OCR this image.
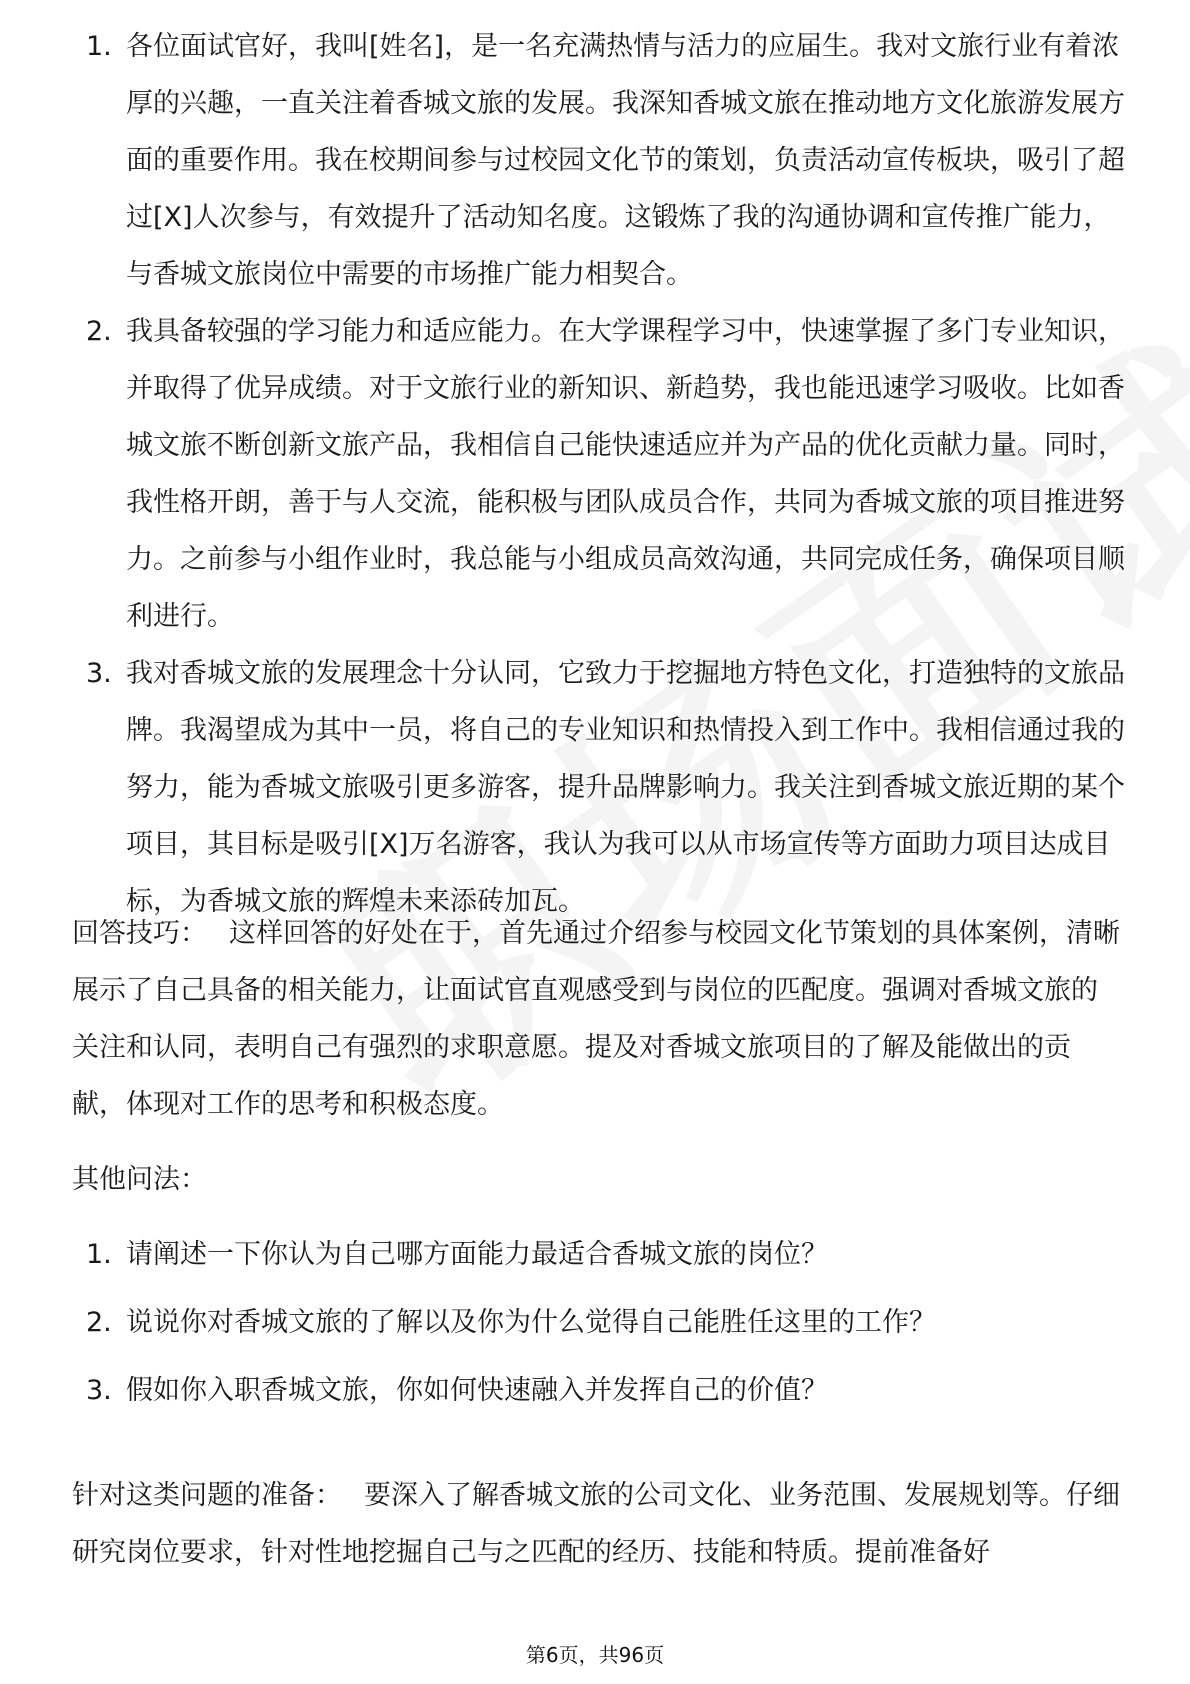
1. 各位面试官好，我叫[姓名]，是一名充满热情与活力的应届生。我对文旅行业有着浓厚的兴趣，一直关注着香城文旅的发展。我深知香城文旅在推动地方文化旅游发展方面的重要作用。我在校期间参与过校园文化节的策划，负责活动宣传板块，吸引了超过[X]人次参与，有效提升了活动知名度。这锻炼了我的沟通协调和宣传推广能力，与香城文旅岗位中需要的市场推广能力相契合。
2. 我具备较强的学习能力和适应能力。在大学课程学习中，快速掌握了多门专业知识，并取得了优异成绩。对于文旅行业的新知识、新趋势，我也能迅速学习吸收。比如香城文旅不断创新文旅产品，我相信自己能快速适应并为产品的优化贡献力量。同时，我性格开朗，善于与人交流，能积极与团队成员合作，共同为香城文旅的项目推进努力。之前参与小组作业时，我总能与小组成员高效沟通，共同完成任务，确保项目顺利进行。
3. 我对香城文旅的发展理念十分认同，它致力于挖掘地方特色文化，打造独特的文旅品牌。我渴望成为其中一员，将自己的专业知识和热情投入到工作中。我相信通过我的努力，能为香城文旅吸引更多游客，提升品牌影响力。我关注到香城文旅近期的某个项目，其目标是吸引[X]万名游客，我认为我可以从市场宣传等方面助力项目达成目标，为香城文旅的辉煌未来添砖加瓦。
回答技巧： 这样回答的好处在于，首先通过介绍参与校园文化节策划的具体案例，清晰展示了自己具备的相关能力，让面试官直观感受到与岗位的匹配度。强调对香城文旅的关注和认同，表明自己有强烈的求职意愿。提及对香城文旅项目的了解及能做出的贡献，体现对工作的思考和积极态度。
其他问法：
1. 请阐述一下你认为自己哪方面能力最适合香城文旅的岗位？
2. 说说你对香城文旅的了解以及你为什么觉得自己能胜任这里的工作？
3. 假如你入职香城文旅，你如何快速融入并发挥自己的价值？
针对这类问题的准备： 要深入了解香城文旅的公司文化、业务范围、发展规划等。仔细研究岗位要求，针对性地挖掘自己与之匹配的经历、技能和特质。提前准备好
第6页，共96页
